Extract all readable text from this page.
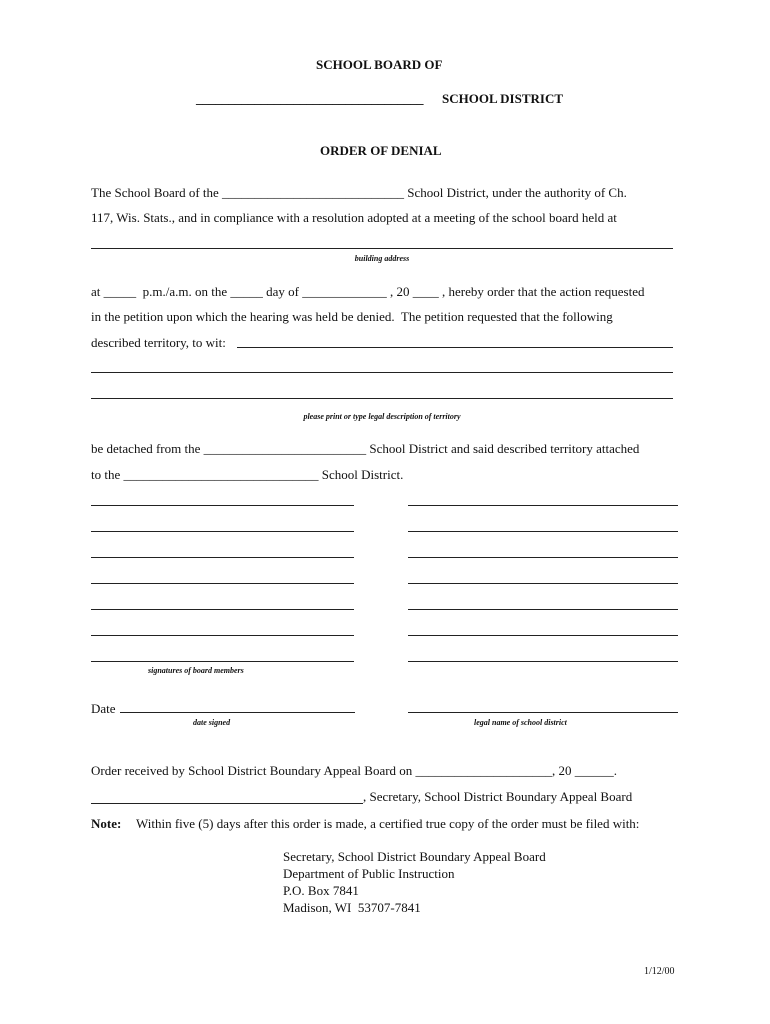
SCHOOL BOARD OF
___________________________________ SCHOOL DISTRICT
ORDER OF DENIAL
The School Board of the ____________________________ School District, under the authority of Ch.
117, Wis. Stats., and in compliance with a resolution adopted at a meeting of the school board held at
building address
at _____  p.m./a.m. on the _____ day of _____________ , 20 ____ , hereby order that the action requested
in the petition upon which the hearing was held be denied.  The petition requested that the following
described territory, to wit:
please print or type legal description of territory
be detached from the _________________________ School District and said described territory attached
to the ______________________________ School District.
signatures of board members
Date
date signed	legal name of school district
Order received by School District Boundary Appeal Board on _____________________, 20 ______.
, Secretary, School District Boundary Appeal Board
Note: Within five (5) days after this order is made, a certified true copy of the order must be filed with:
Secretary, School District Boundary Appeal Board
Department of Public Instruction
P.O. Box 7841
Madison, WI  53707-7841
1/12/00
